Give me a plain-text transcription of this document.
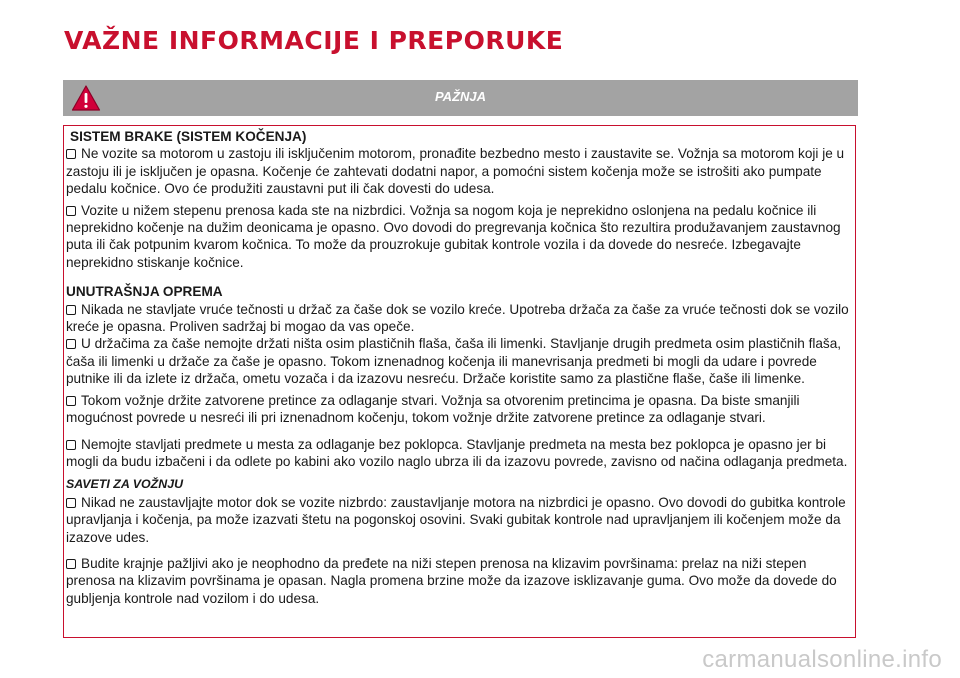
VAŽNE INFORMACIJE I PREPORUKE
PAŽNJA
SISTEM BRAKE (SISTEM KOČENJA)

Ne vozite sa motorom u zastoju ili isključenim motorom, pronađite bezbedno mesto i zaustavite se. Vožnja sa motorom koji je u zastoju ili je isključen je opasna. Kočenje će zahtevati dodatni napor, a pomoćni sistem kočenja može se istrošiti ako pumpate pedalu kočnice. Ovo će produžiti zaustavni put ili čak dovesti do udesa.

Vozite u nižem stepenu prenosa kada ste na nizbrdici. Vožnja sa nogom koja je neprekidno oslonjena na pedalu kočnice ili neprekidno kočenje na dužim deonicama je opasno. Ovo dovodi do pregrevanja kočnica što rezultira produžavanjem zaustavnog puta ili čak potpunim kvarom kočnica. To može da prouzrokuje gubitak kontrole vozila i da dovede do nesreće. Izbegavajte neprekidno stiskanje kočnice.

UNUTRAŠNJA OPREMA

Nikada ne stavljate vruće tečnosti u držač za čaše dok se vozilo kreće. Upotreba držača za čaše za vruće tečnosti dok se vozilo kreće je opasna. Proliven sadržaj bi mogao da vas opeče.

U držačima za čaše nemojte držati ništa osim plastičnih flaša, čaša ili limenki. Stavljanje drugih predmeta osim plastičnih flaša, čaša ili limenki u držače za čaše je opasno. Tokom iznenadnog kočenja ili manevrisanja predmeti bi mogli da udare i povrede putnike ili da izlete iz držača, ometu vozača i da izazovu nesreću. Držače koristite samo za plastične flaše, čaše ili limenke.

Tokom vožnje držite zatvorene pretince za odlaganje stvari. Vožnja sa otvorenim pretincima je opasna. Da biste smanjili mogućnost povrede u nesreći ili pri iznenadnom kočenju, tokom vožnje držite zatvorene pretince za odlaganje stvari.

Nemojte stavljati predmete u mesta za odlaganje bez poklopca. Stavljanje predmeta na mesta bez poklopca je opasno jer bi mogli da budu izbačeni i da odlete po kabini ako vozilo naglo ubrza ili da izazovu povrede, zavisno od načina odlaganja predmeta.

SAVETI ZA VOŽNJU

Nikad ne zaustavljajte motor dok se vozite nizbrdo: zaustavljanje motora na nizbrdici je opasno. Ovo dovodi do gubitka kontrole upravljanja i kočenja, pa može izazvati štetu na pogonskoj osovini. Svaki gubitak kontrole nad upravljanjem ili kočenjem može da izazove udes.

Budite krajnje pažljivi ako je neophodno da pređete na niži stepen prenosa na klizavim površinama: prelaz na niži stepen prenosa na klizavim površinama je opasan. Nagla promena brzine može da izazove isklizavanje guma. Ovo može da dovede do gubljenja kontrole nad vozilom i do udesa.

carmanualsonline.info
